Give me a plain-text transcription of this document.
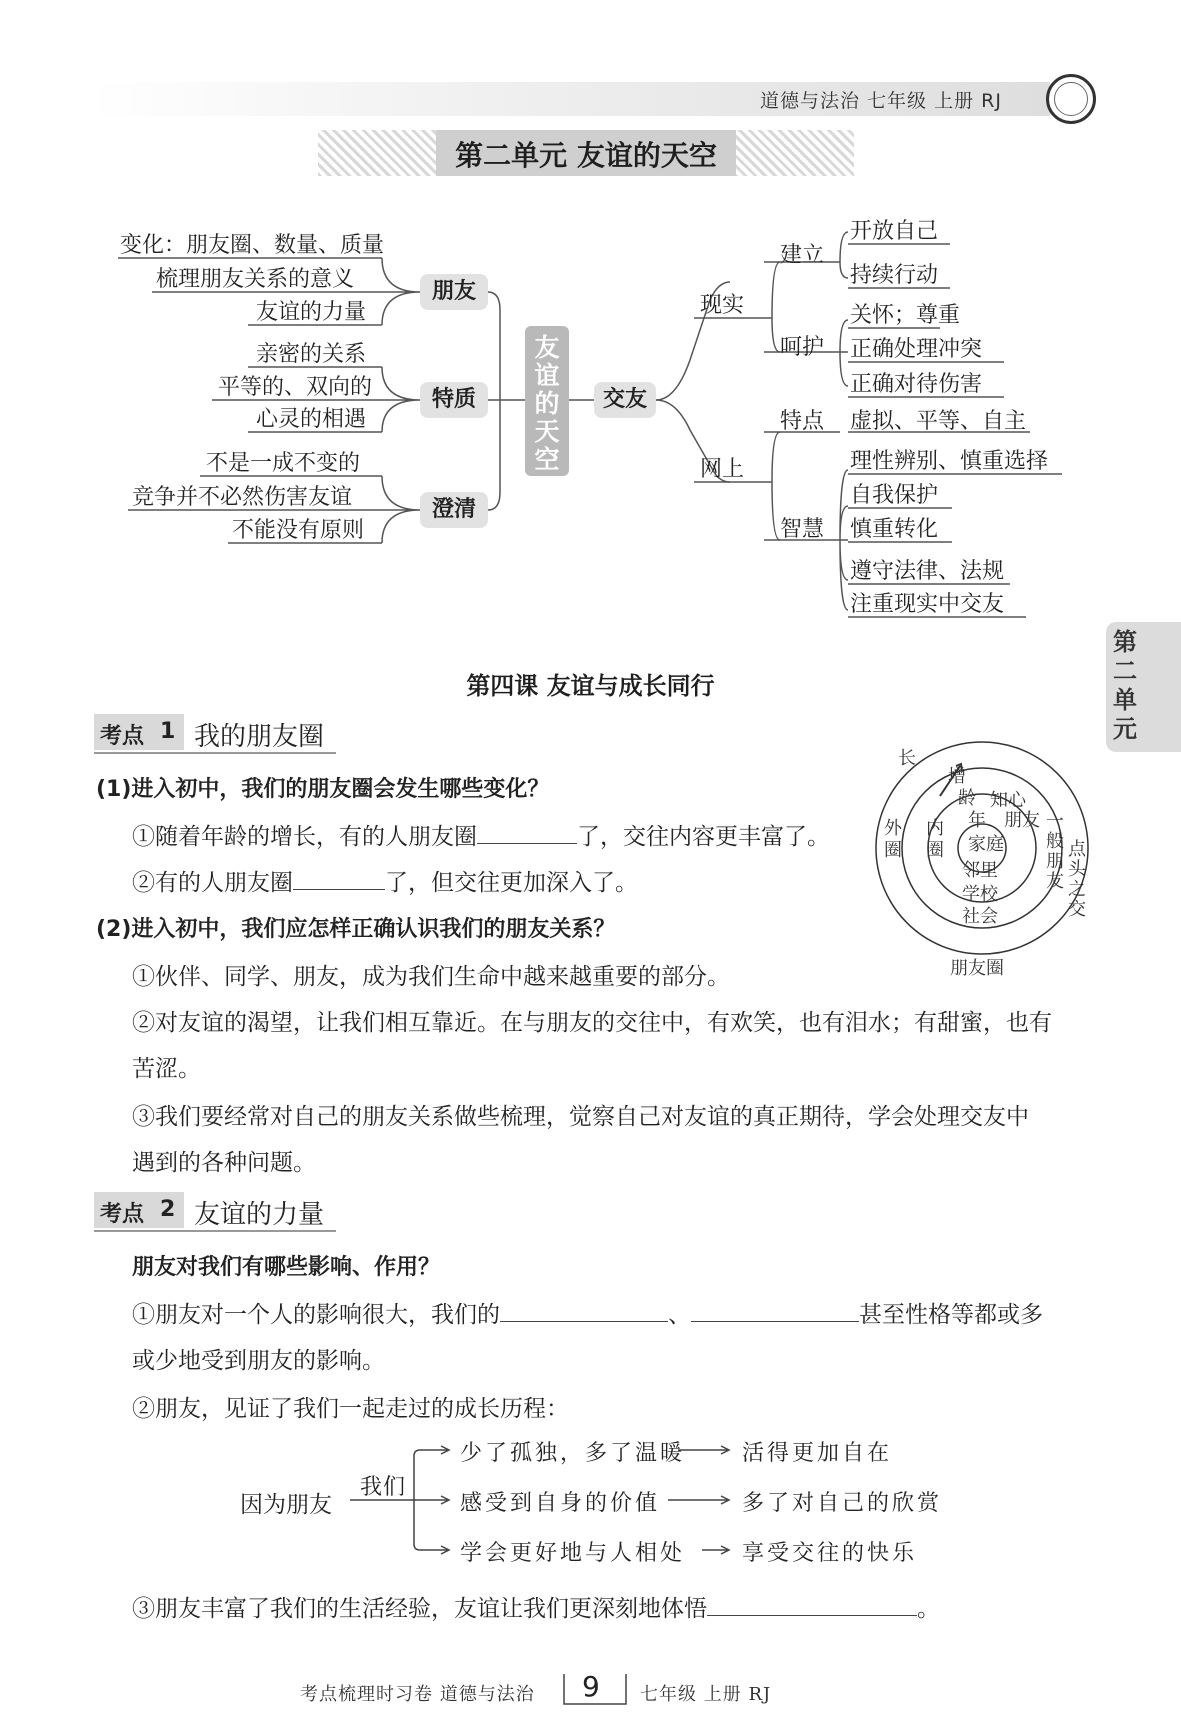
道德与法治 七年级 上册 RJ
第二单元 友谊的天空
变化：朋友圈、数量、质量
梳理朋友关系的意义
友谊的力量
朋友
亲密的关系
平等的、双向的
心灵的相遇
特质
不是一成不变的
竞争并不必然伤害友谊
不能没有原则
澄清
友谊的天空
交友
现实
建立
开放自己
持续行动
呵护
关怀；尊重
正确处理冲突
正确对待伤害
网上
特点 虚拟、平等、自主
智慧
理性辨别、慎重选择
自我保护
慎重转化
遵守法律、法规
注重现实中交友
第二单元
第四课 友谊与成长同行
考点 1 我的朋友圈
(1)进入初中，我们的朋友圈会发生哪些变化？
①随着年龄的增长，有的人朋友圈	了，交往内容更丰富了。
②有的人朋友圈	了，但交往更加深入了。
(2)进入初中，我们应怎样正确认识我们的朋友关系？
①伙伴、同学、朋友，成为我们生命中越来越重要的部分。
②对友谊的渴望，让我们相互靠近。在与朋友的交往中，有欢笑，也有泪水；有甜蜜，也有
苦涩。
③我们要经常对自己的朋友关系做些梳理，觉察自己对友谊的真正期待，学会处理交友中
遇到的各种问题。
长
增
龄
年
知心
朋友
家庭
外圈
内圈
一般朋友
点头之交
邻里
学校
社会
朋友圈
考点 2 友谊的力量
朋友对我们有哪些影响、作用？
①朋友对一个人的影响很大，我们的	、	甚至性格等都或多
或少地受到朋友的影响。
②朋友，见证了我们一起走过的成长历程：
因为朋友
我们
少了孤独，多了温暖	活得更加自在
感受到自身的价值	多了对自己的欣赏
学会更好地与人相处	享受交往的快乐
③朋友丰富了我们的生活经验，友谊让我们更深刻地体悟	。
考点梳理时习卷 道德与法治 9 七年级 上册 RJ
